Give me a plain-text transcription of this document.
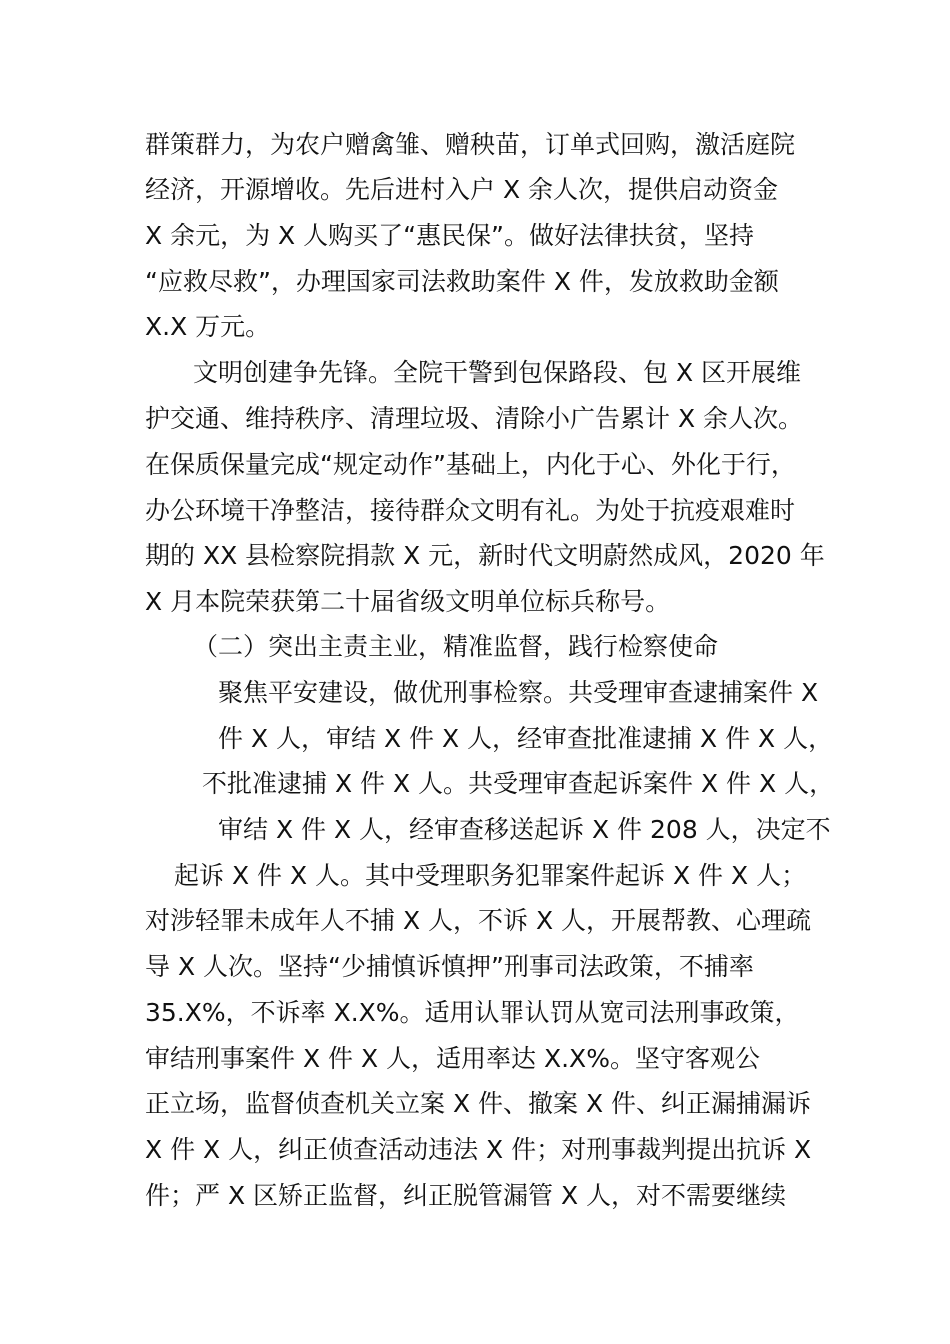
群策群力，为农户赠禽雏、赠秧苗，订单式回购，激活庭院
经济，开源增收。先后进村入户 X 余人次，提供启动资金
X 余元，为 X 人购买了“惠民保”。做好法律扶贫，坚持
“应救尽救”，办理国家司法救助案件 X 件，发放救助金额
X.X 万元。
文明创建争先锋。全院干警到包保路段、包 X 区开展维
护交通、维持秩序、清理垃圾、清除小广告累计 X 余人次。
在保质保量完成“规定动作”基础上，内化于心、外化于行，
办公环境干净整洁，接待群众文明有礼。为处于抗疫艰难时
期的 XX 县检察院捐款 X 元，新时代文明蔚然成风，2020 年
X 月本院荣获第二十届省级文明单位标兵称号。
（二）突出主责主业，精准监督，践行检察使命
聚焦平安建设，做优刑事检察。共受理审查逮捕案件 X
件 X 人，审结 X 件 X 人，经审查批准逮捕 X 件 X 人，
不批准逮捕 X 件 X 人。共受理审查起诉案件 X 件 X 人，
审结 X 件 X 人，经审查移送起诉 X 件 208 人，决定不
起诉 X 件 X 人。其中受理职务犯罪案件起诉 X 件 X 人；
对涉轻罪未成年人不捕 X 人，不诉 X 人，开展帮教、心理疏
导 X 人次。坚持“少捕慎诉慎押”刑事司法政策，不捕率
35.X%，不诉率 X.X%。适用认罪认罚从宽司法刑事政策，
审结刑事案件 X 件 X 人，适用率达 X.X%。坚守客观公
正立场，监督侦查机关立案 X 件、撤案 X 件、纠正漏捕漏诉
X 件 X 人，纠正侦查活动违法 X 件；对刑事裁判提出抗诉 X
件；严 X 区矫正监督，纠正脱管漏管 X 人，对不需要继续
